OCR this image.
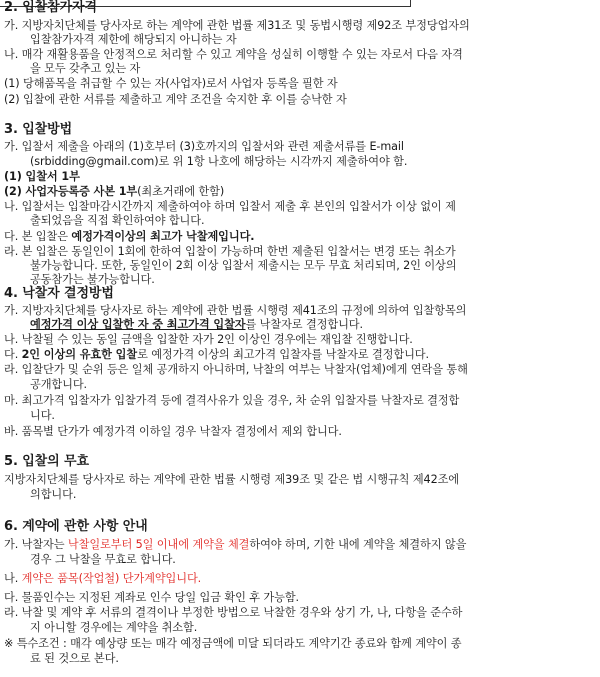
2. 입찰참가자격
가. 지방자치단체를 당사자로 하는 계약에 관한 법률 제31조 및 동법시행령 제92조 부정당업자의
입찰참가자격 제한에 해당되지 아니하는 자
나. 매각 재활용품을 안정적으로 처리할 수 있고 계약을 성실히 이행할 수 있는 자로서 다음 자격
을 모두 갖추고 있는 자
(1) 당해품목을 취급할 수 있는 자(사업자)로서 사업자 등록을 필한 자
(2) 입찰에 관한 서류를 제출하고 계약 조건을 숙지한 후 이를 승낙한 자
3. 입찰방법
가. 입찰서 제출을 아래의 (1)호부터 (3)호까지의 입찰서와 관련 제출서류를 E-mail
(srbidding@gmail.com)로 위 1항 나호에 해당하는 시각까지 제출하여야 함.
(1) 입찰서 1부
(2) 사업자등록증 사본 1부(최초거래에 한함)
나. 입찰서는 입찰마감시간까지 제출하여야 하며 입찰서 제출 후 본인의 입찰서가 이상 없이 제
출되었음을 직접 확인하여야 합니다.
다. 본 입찰은 예정가격이상의 최고가 낙찰제입니다.
라. 본 입찰은 동일인이 1회에 한하여 입찰이 가능하며 한번 제출된 입찰서는 변경 또는 취소가
불가능합니다. 또한, 동일인이 2회 이상 입찰서 제출시는 모두 무효 처리되며, 2인 이상의
공동참가는 불가능합니다.
4. 낙찰자 결정방법
가. 지방자치단체를 당사자로 하는 계약에 관한 법률 시행령 제41조의 규정에 의하여 입찰항목의
예정가격 이상 입찰한 자 중 최고가격 입찰자를 낙찰자로 결정합니다.
나. 낙찰될 수 있는 동일 금액을 입찰한 자가 2인 이상인 경우에는 재입찰 진행합니다.
다. 2인 이상의 유효한 입찰로 예정가격 이상의 최고가격 입찰자를 낙찰자로 결정합니다.
라. 입찰단가 및 순위 등은 일체 공개하지 아니하며, 낙찰의 여부는 낙찰자(업체)에게 연락을 통해
공개합니다.
마. 최고가격 입찰자가 입찰가격 등에 결격사유가 있을 경우, 차 순위 입찰자를 낙찰자로 결정합
니다.
바. 품목별 단가가 예정가격 이하일 경우 낙찰자 결정에서 제외 합니다.
5. 입찰의 무효
지방자치단체를 당사자로 하는 계약에 관한 법률 시행령 제39조 및 같은 법 시행규칙 제42조에
의합니다.
6. 계약에 관한 사항 안내
가. 낙찰자는 낙찰일로부터 5일 이내에 계약을 체결하여야 하며, 기한 내에 계약을 체결하지 않을
경우 그 낙찰을 무효로 합니다.
나. 계약은 품목(작업철) 단가계약입니다.
다. 물품인수는 지정된 계좌로 인수 당일 입금 확인 후 가능함.
라. 낙찰 및 계약 후 서류의 결격이나 부정한 방법으로 낙찰한 경우와 상기 가, 나, 다항을 준수하
지 아니할 경우에는 계약을 취소함.
※ 특수조건 : 매각 예상량 또는 매각 예정금액에 미달 되더라도 계약기간 종료와 함께 계약이 종
료 된 것으로 본다.
